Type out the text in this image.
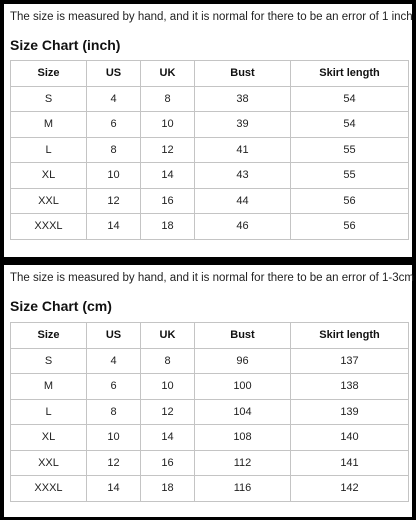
The size is measured by hand, and it is normal for there to be an error of 1 inch
Size Chart (inch)
Size	US	UK	Bust	Skirt length
S	4	8	38	54
M	6	10	39	54
L	8	12	41	55
XL	10	14	43	55
XXL	12	16	44	56
XXXL	14	18	46	56
The size is measured by hand, and it is normal for there to be an error of 1-3cm
Size Chart (cm)
Size	US	UK	Bust	Skirt length
S	4	8	96	137
M	6	10	100	138
L	8	12	104	139
XL	10	14	108	140
XXL	12	16	112	141
XXXL	14	18	116	142
